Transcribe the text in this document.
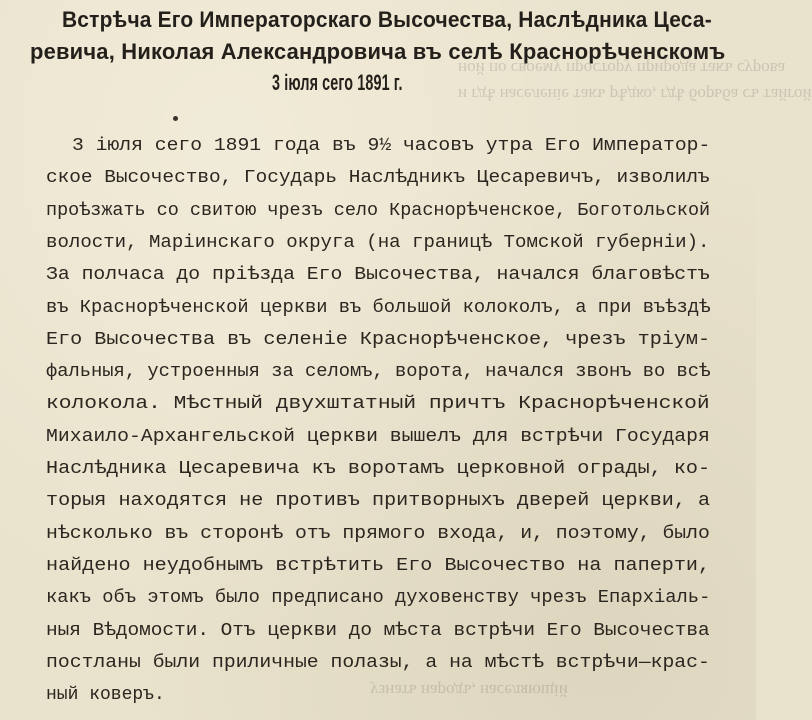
ной по своему простору природа такъ сурова
и гдѣ населеніе такъ рѣдко, гдѣ борьба съ тайгой
узнать народъ, населяющій
Встрѣча Его Императорскаго Высочества, Наслѣдника Цеса-
ревича, Николая Александровича въ селѣ Краснорѣченскомъ
3 іюля сего 1891 г.
3 іюля сего 1891 года въ 9½ часовъ утра Его Император-
ское Высочество, Государь Наслѣдникъ Цесаревичъ, изволилъ
проѣзжать со свитою чрезъ село Краснорѣченское, Боготольской
волости, Маріинскаго округа (на границѣ Томской губерніи).
За полчаса до пріѣзда Его Высочества, начался благовѣстъ
въ Краснорѣченской церкви въ большой колоколъ, а при въѣздѣ
Его Высочества въ селеніе Краснорѣченское, чрезъ тріум-
фальныя, устроенныя за селомъ, ворота, начался звонъ во всѣ
колокола. Мѣстный двухштатный причтъ Краснорѣченской
Михаило-Архангельской церкви вышелъ для встрѣчи Государя
Наслѣдника Цесаревича къ воротамъ церковной ограды, ко-
торыя находятся не противъ притворныхъ дверей церкви, а
нѣсколько въ сторонѣ отъ прямого входа, и, поэтому, было
найдено неудобнымъ встрѣтить Его Высочество на паперти,
какъ объ этомъ было предписано духовенству чрезъ Епархіаль-
ныя Вѣдомости. Отъ церкви до мѣста встрѣчи Его Высочества
постланы были приличные полазы, а на мѣстѣ встрѣчи—крас-
ный коверъ.
